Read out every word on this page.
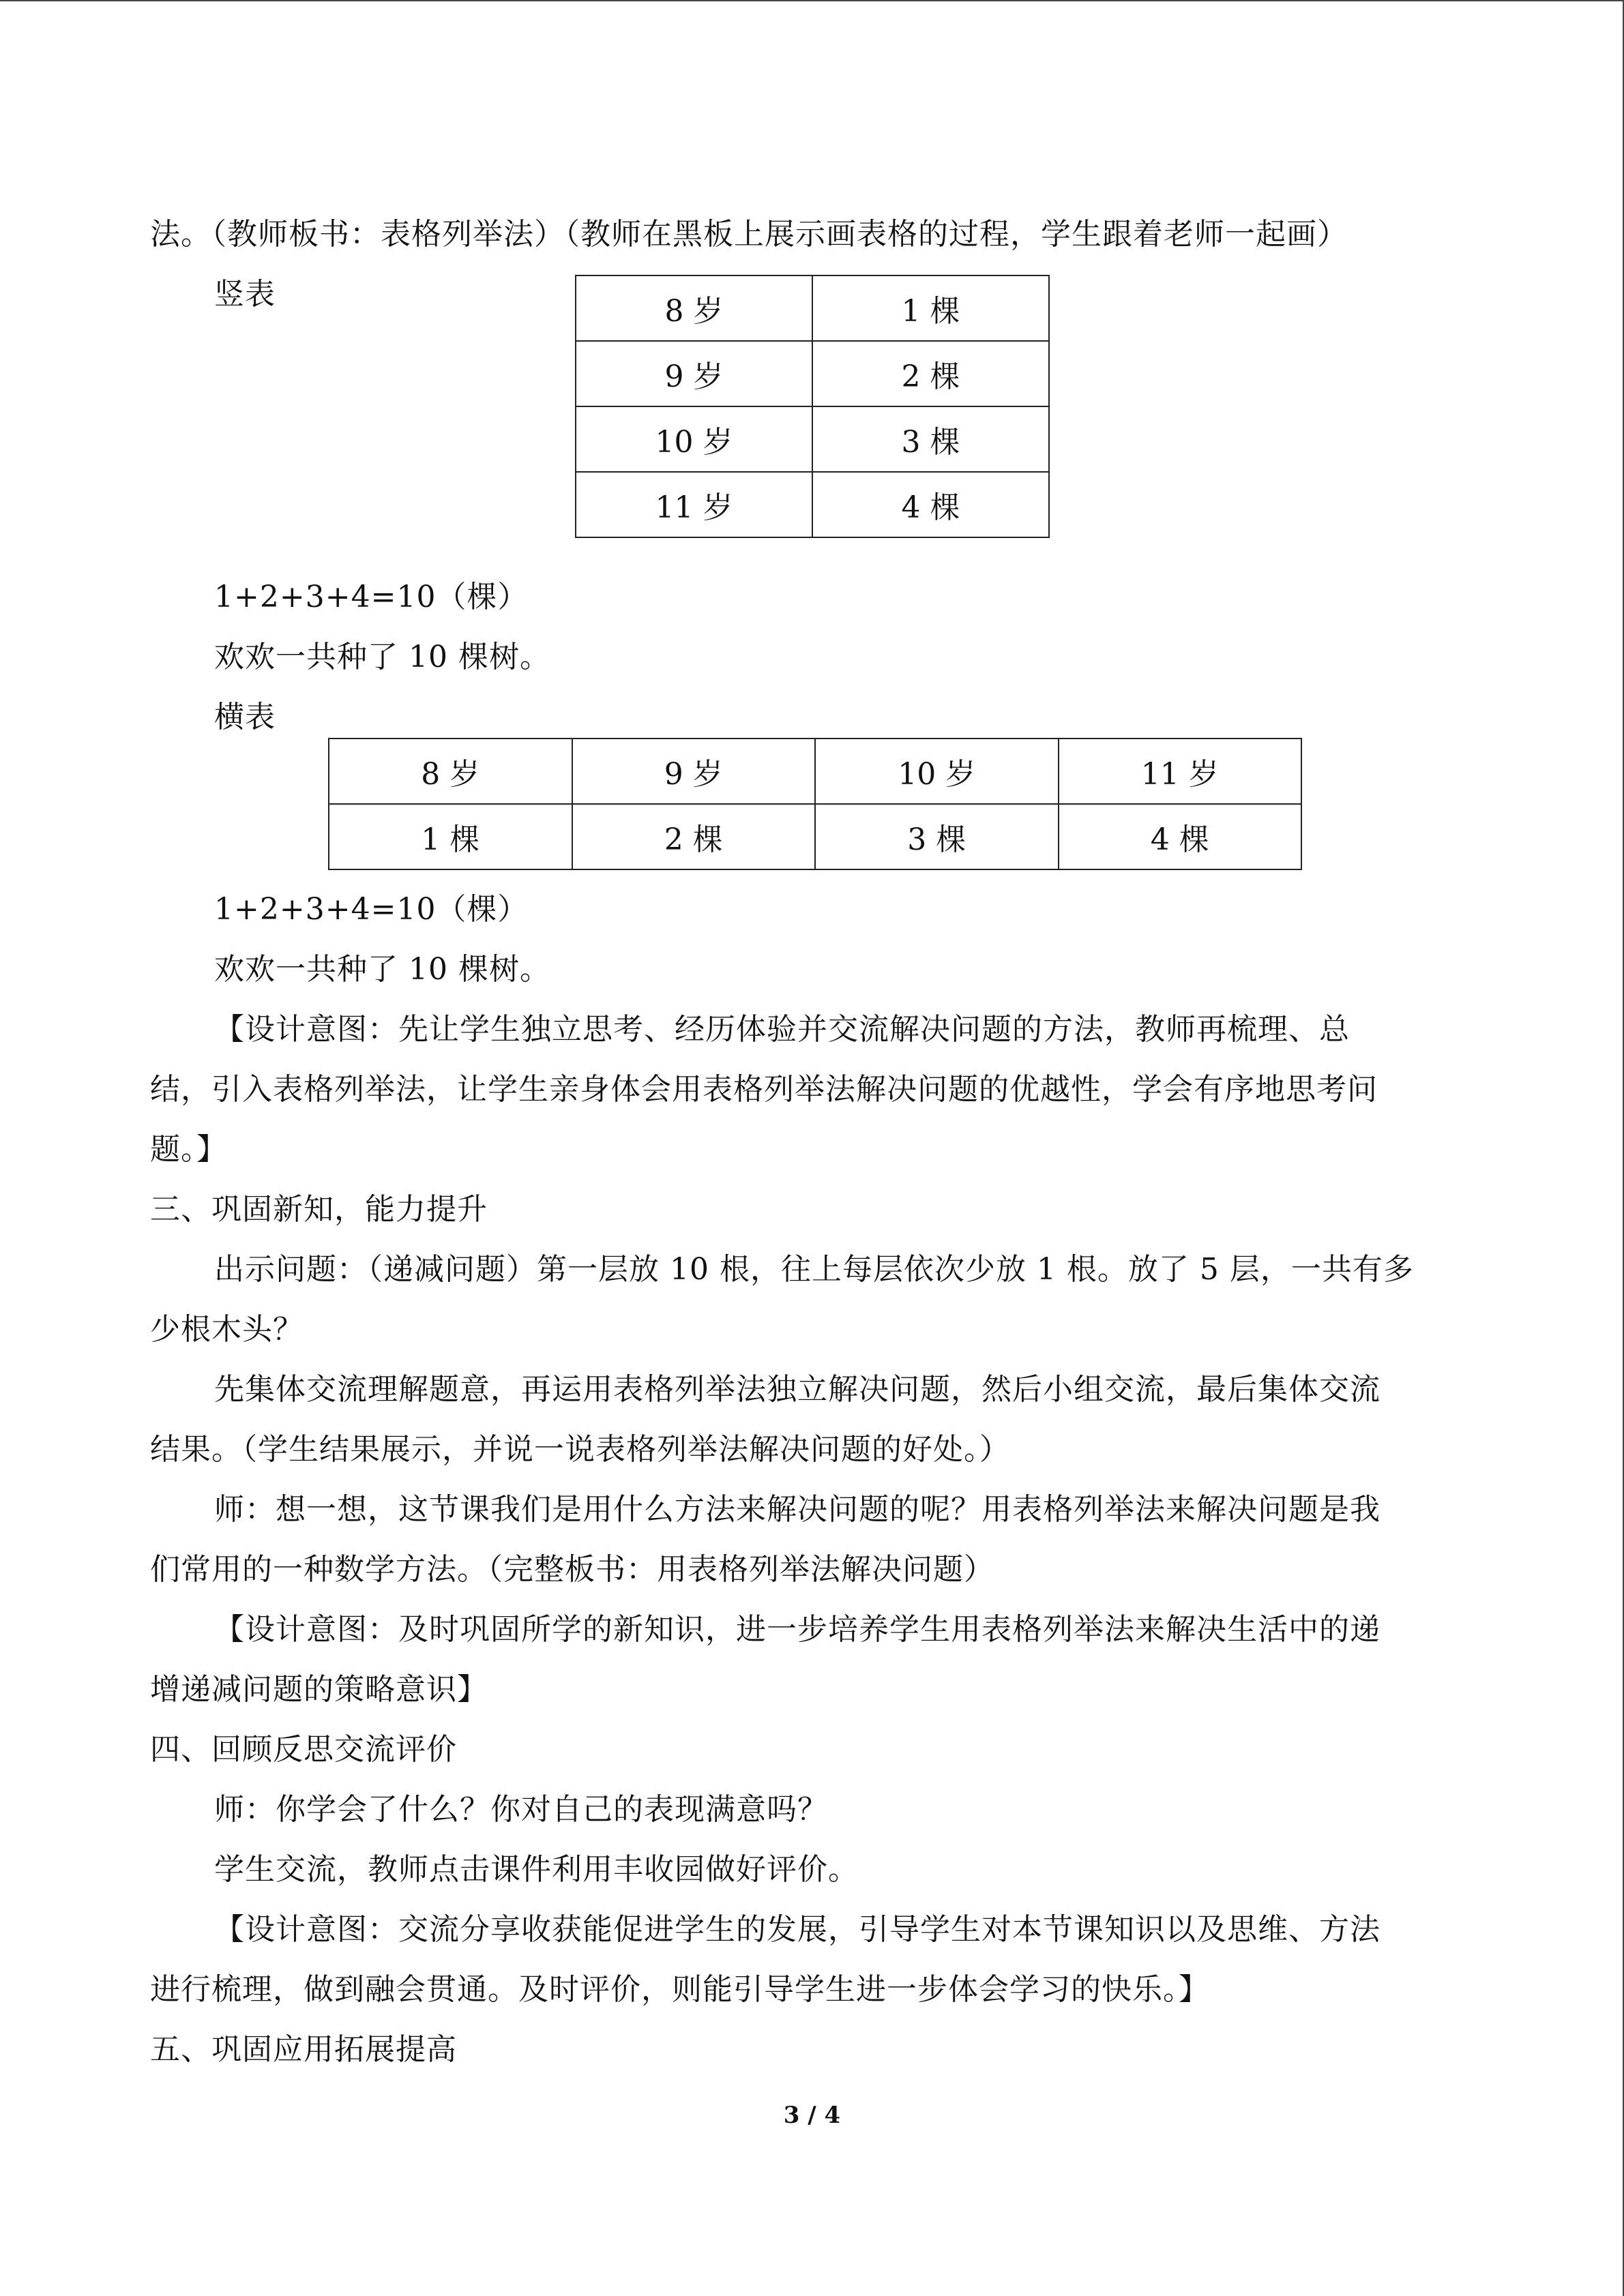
法。（教师板书：表格列举法）（教师在黑板上展示画表格的过程，学生跟着老师一起画）
竖表	8 岁	1 棵
9 岁	2 棵
10 岁	3 棵
11 岁	4 棵
1+2+3+4=10（棵）
欢欢一共种了 10 棵树。
横表
8 岁	9 岁	10 岁	11 岁
1 棵	2 棵	3 棵	4 棵
1+2+3+4=10（棵）
欢欢一共种了 10 棵树。
【设计意图：先让学生独立思考、经历体验并交流解决问题的方法，教师再梳理、总
结，引入表格列举法，让学生亲身体会用表格列举法解决问题的优越性，学会有序地思考问
题。】
三、巩固新知，能力提升
出示问题：（递减问题）第一层放 10 根，往上每层依次少放 1 根。放了 5 层，一共有多
少根木头？
先集体交流理解题意，再运用表格列举法独立解决问题，然后小组交流，最后集体交流
结果。（学生结果展示，并说一说表格列举法解决问题的好处。）
师：想一想，这节课我们是用什么方法来解决问题的呢？用表格列举法来解决问题是我
们常用的一种数学方法。（完整板书：用表格列举法解决问题）
【设计意图：及时巩固所学的新知识，进一步培养学生用表格列举法来解决生活中的递
增递减问题的策略意识】
四、回顾反思交流评价
师：你学会了什么？你对自己的表现满意吗？
学生交流，教师点击课件利用丰收园做好评价。
【设计意图：交流分享收获能促进学生的发展，引导学生对本节课知识以及思维、方法
进行梳理，做到融会贯通。及时评价，则能引导学生进一步体会学习的快乐。】
五、巩固应用拓展提高
3 / 4
